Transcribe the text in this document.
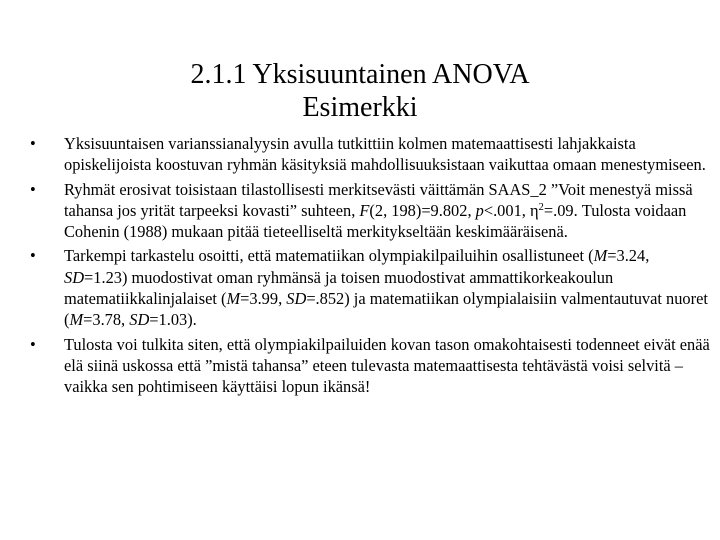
2.1.1 Yksisuuntainen ANOVA
Esimerkki
•	Yksisuuntaisen varianssianalyysin avulla tutkittiin kolmen matemaattisesti lahjakkaista opiskelijoista koostuvan ryhmän käsityksiä mahdollisuuksistaan vaikuttaa omaan menestymiseen.
•	Ryhmät erosivat toisistaan tilastollisesti merkitsevästi väittämän SAAS_2 ”Voit menestyä missä tahansa jos yrität tarpeeksi kovasti” suhteen, F(2, 198)=9.802, p<.001, $\eta^2=.09$. Tulosta voidaan Cohenin (1988) mukaan pitää tieteelliseltä merkitykseltään keskimääräisenä.
•	Tarkempi tarkastelu osoitti, että matematiikan olympiakilpailuihin osallistuneet (M=3.24, SD=1.23) muodostivat oman ryhmänsä ja toisen muodostivat ammattikorkeakoulun matematiikkalinjalaiset (M=3.99, SD=.852) ja matematiikan olympialaisiin valmentautuvat nuoret (M=3.78, SD=1.03).
•	Tulosta voi tulkita siten, että olympiakilpailuiden kovan tason omakohtaisesti todenneet eivät enää elä siinä uskossa että ”mistä tahansa” eteen tulevasta matemaattisesta tehtävästä voisi selvitä – vaikka sen pohtimiseen käyttäisi lopun ikänsä!
